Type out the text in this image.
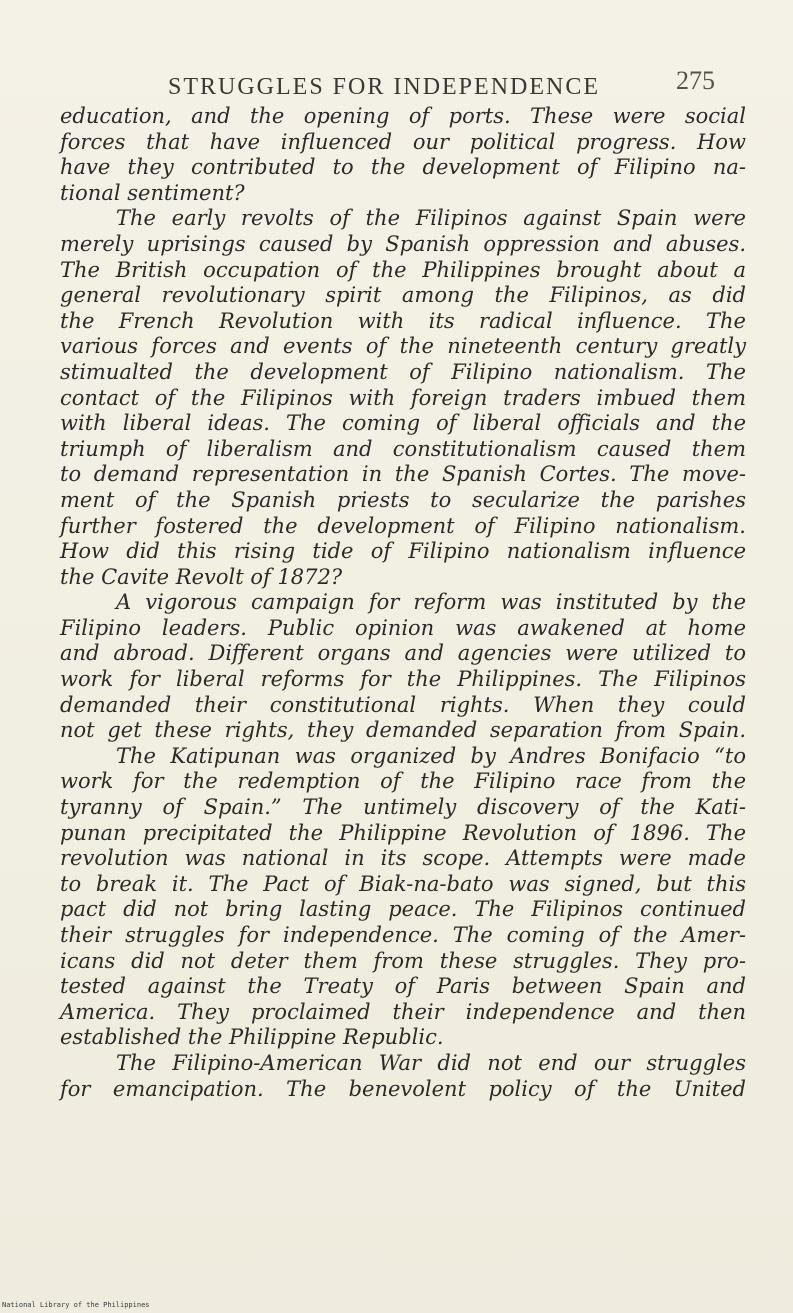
STRUGGLES FOR INDEPENDENCE	275
education, and the opening of ports. These were social
forces that have influenced our political progress. How
have they contributed to the development of Filipino na-
tional sentiment?
The early revolts of the Filipinos against Spain were
merely uprisings caused by Spanish oppression and abuses.
The British occupation of the Philippines brought about a
general revolutionary spirit among the Filipinos, as did
the French Revolution with its radical influence. The
various forces and events of the nineteenth century greatly
stimualted the development of Filipino nationalism. The
contact of the Filipinos with foreign traders imbued them
with liberal ideas. The coming of liberal officials and the
triumph of liberalism and constitutionalism caused them
to demand representation in the Spanish Cortes. The move-
ment of the Spanish priests to secularize the parishes
further fostered the development of Filipino nationalism.
How did this rising tide of Filipino nationalism influence
the Cavite Revolt of 1872?
A vigorous campaign for reform was instituted by the
Filipino leaders. Public opinion was awakened at home
and abroad. Different organs and agencies were utilized to
work for liberal reforms for the Philippines. The Filipinos
demanded their constitutional rights. When they could
not get these rights, they demanded separation from Spain.
The Katipunan was organized by Andres Bonifacio “to
work for the redemption of the Filipino race from the
tyranny of Spain.” The untimely discovery of the Kati-
punan precipitated the Philippine Revolution of 1896. The
revolution was national in its scope. Attempts were made
to break it. The Pact of Biak-na-bato was signed, but this
pact did not bring lasting peace. The Filipinos continued
their struggles for independence. The coming of the Amer-
icans did not deter them from these struggles. They pro-
tested against the Treaty of Paris between Spain and
America. They proclaimed their independence and then
established the Philippine Republic.
The Filipino-American War did not end our struggles
for emancipation. The benevolent policy of the United
National Library of the Philippines
